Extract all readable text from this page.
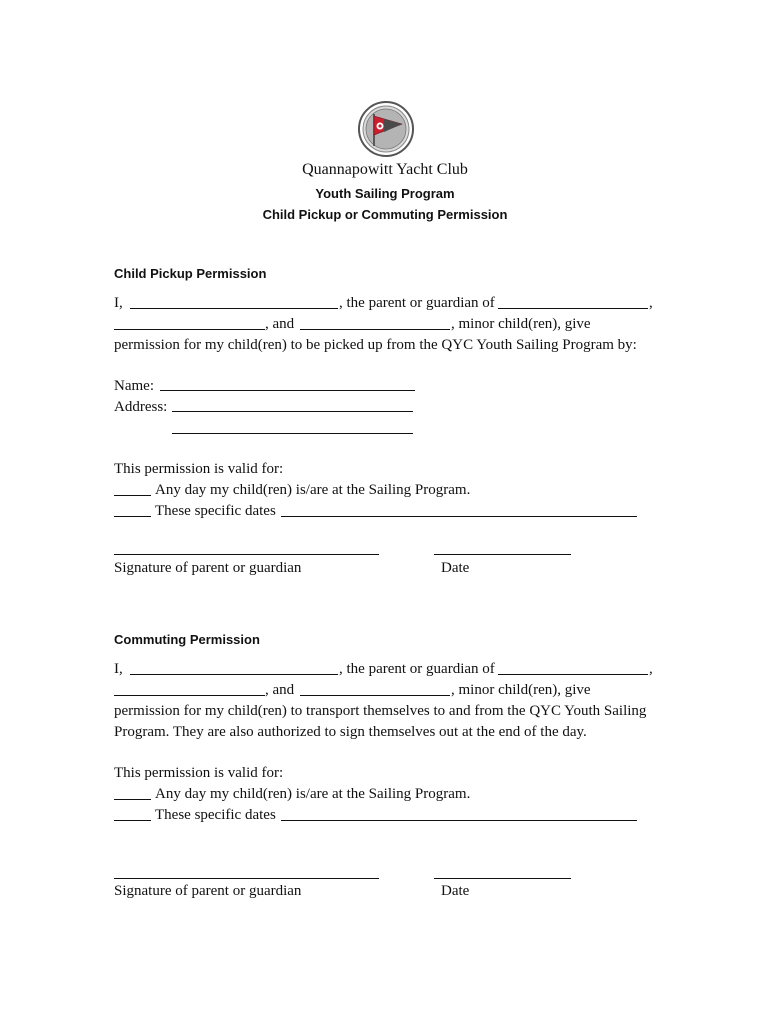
Quannapowitt Yacht Club
Youth Sailing Program
Child Pickup or Commuting Permission
Child Pickup Permission
I,	, the parent or guardian of	,
, and	, minor child(ren), give
permission for my child(ren) to be picked up from the QYC Youth Sailing Program by:
Name:
Address:
This permission is valid for:
Any day my child(ren) is/are at the Sailing Program.
These specific dates
Signature of parent or guardian	Date
Commuting Permission
I,	, the parent or guardian of	,
, and	, minor child(ren), give
permission for my child(ren) to transport themselves to and from the QYC Youth Sailing
Program. They are also authorized to sign themselves out at the end of the day.
This permission is valid for:
Any day my child(ren) is/are at the Sailing Program.
These specific dates
Signature of parent or guardian	Date
